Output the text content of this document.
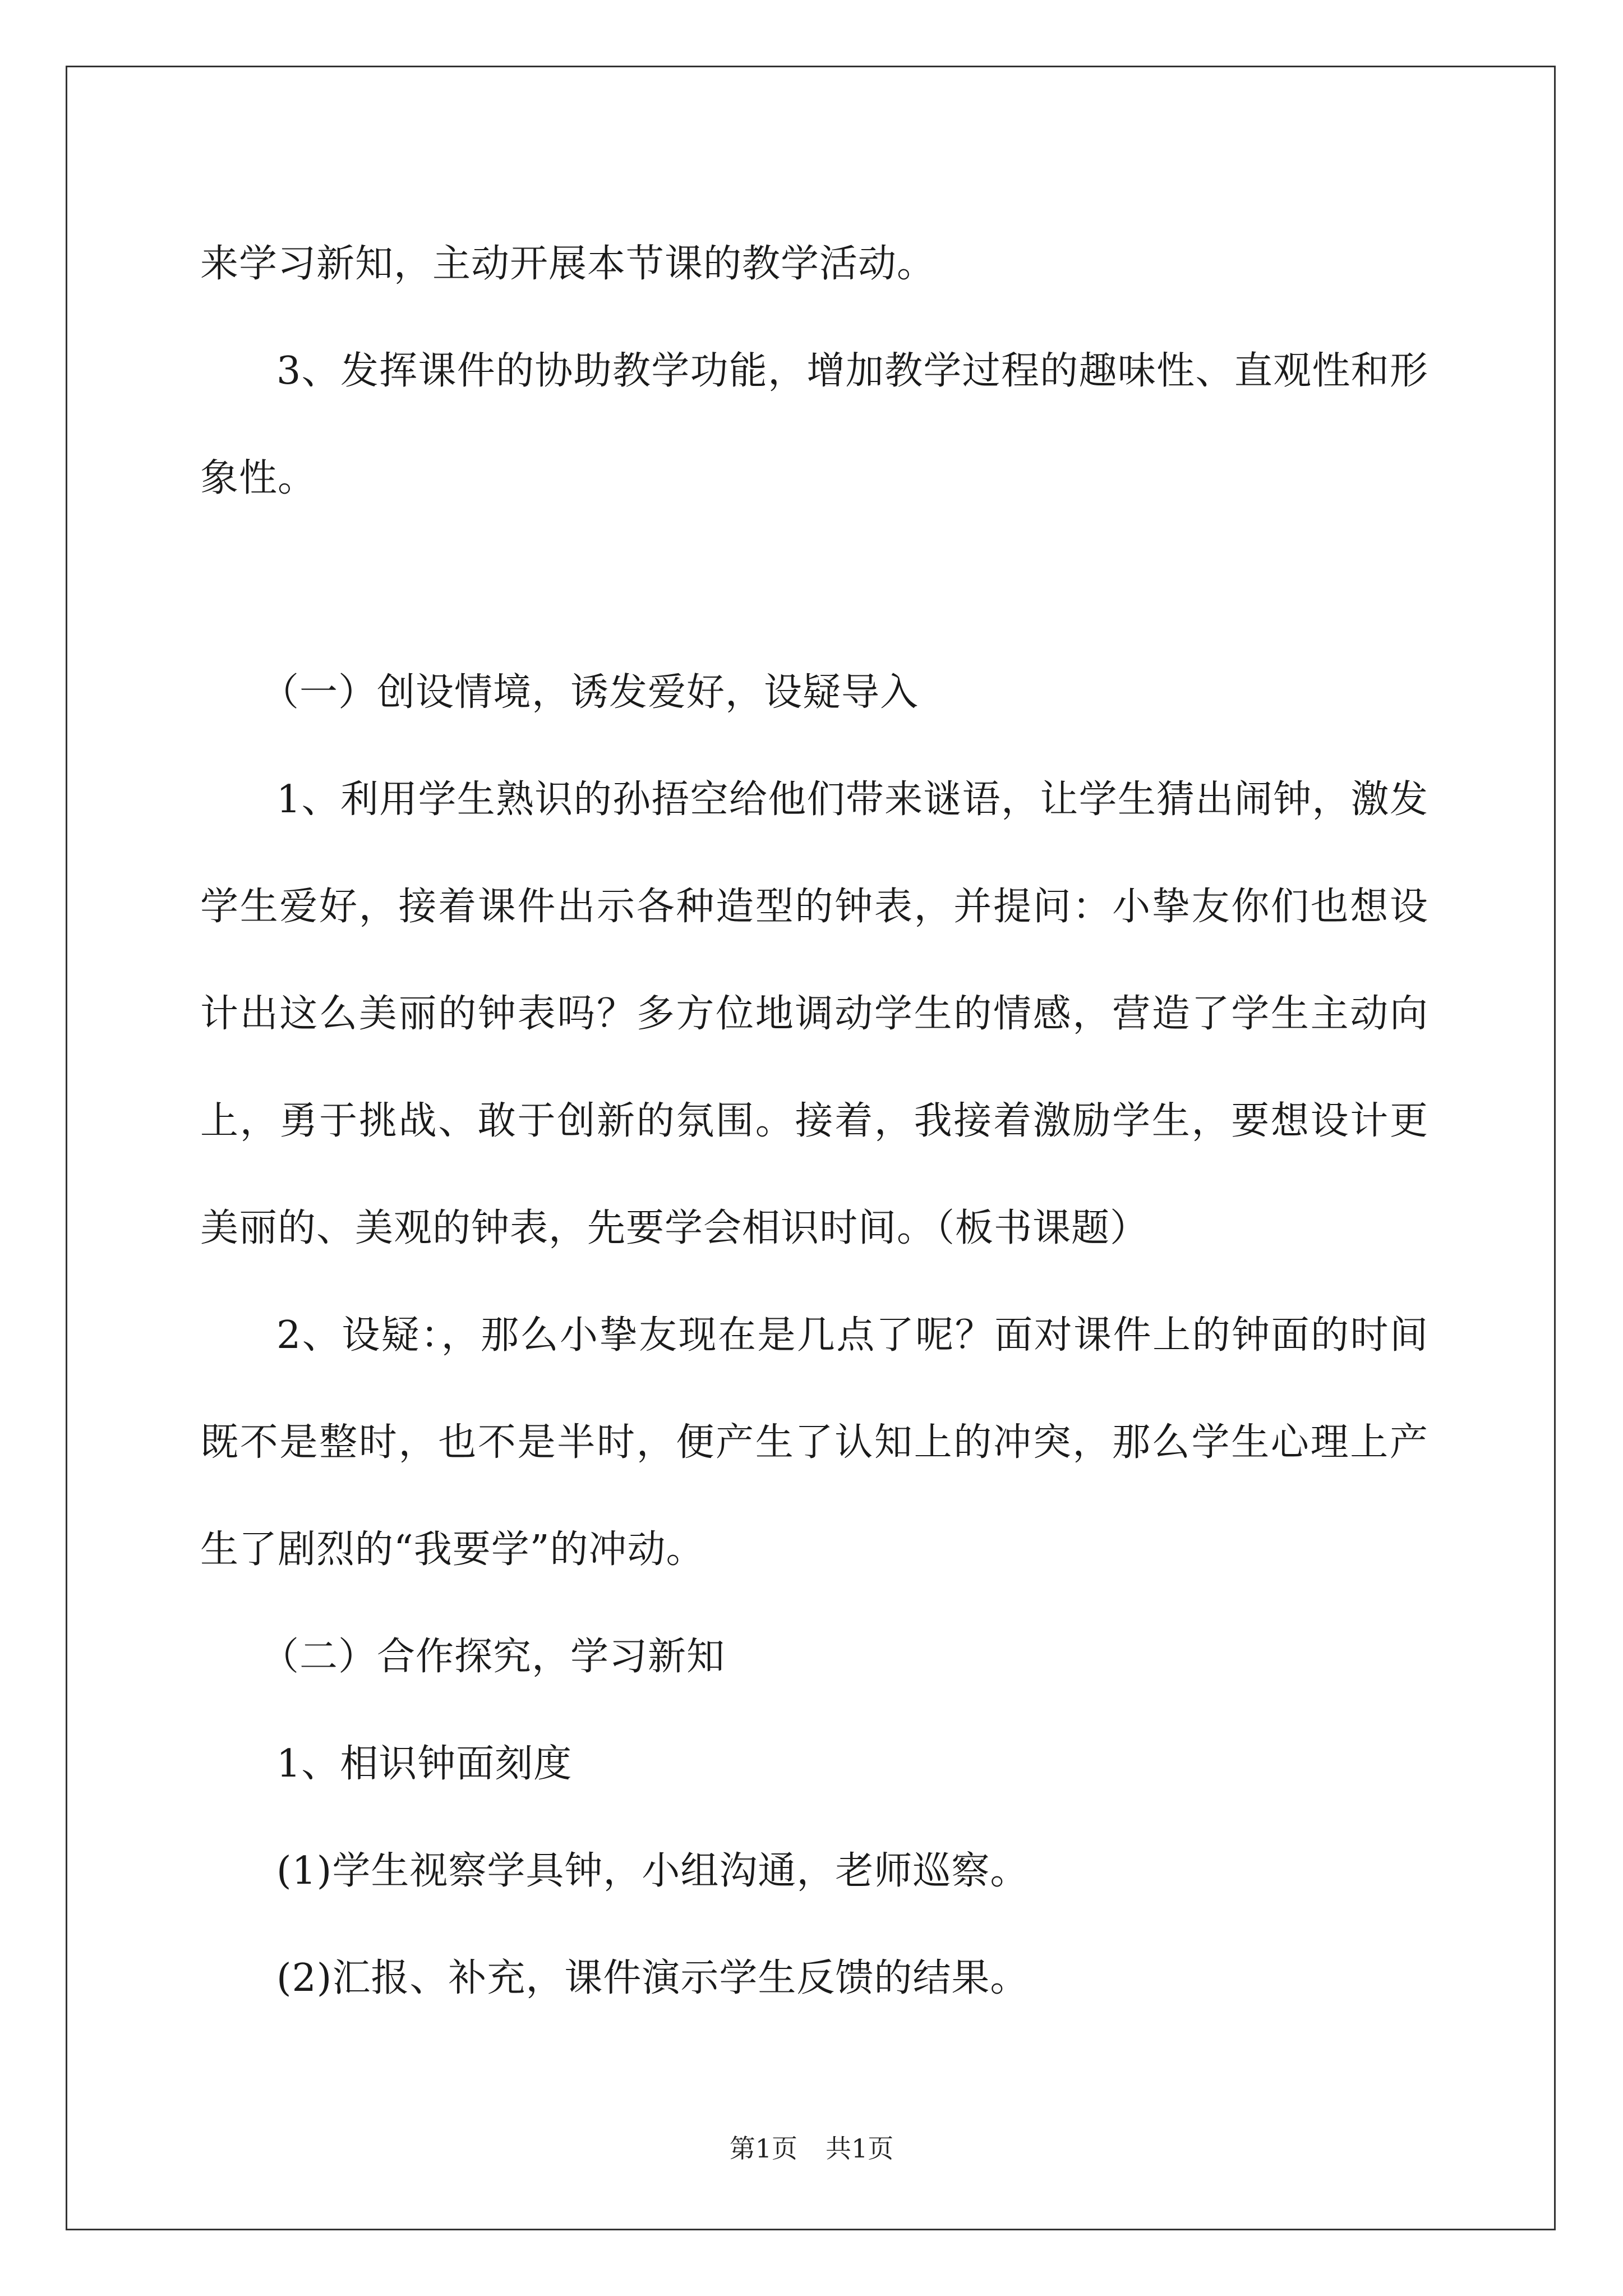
来学习新知，主动开展本节课的教学活动。

3、发挥课件的协助教学功能，增加教学过程的趣味性、直观性和形象性。

（一）创设情境，诱发爱好，设疑导入

1、利用学生熟识的孙捂空给他们带来谜语，让学生猜出闹钟，激发学生爱好，接着课件出示各种造型的钟表，并提问：小挚友你们也想设计出这么美丽的钟表吗？多方位地调动学生的情感，营造了学生主动向上，勇于挑战、敢于创新的氛围。接着，我接着激励学生，要想设计更美丽的、美观的钟表，先要学会相识时间。（板书课题）

2、设疑：，那么小挚友现在是几点了呢？面对课件上的钟面的时间既不是整时，也不是半时，便产生了认知上的冲突，那么学生心理上产生了剧烈的“我要学”的冲动。

（二）合作探究，学习新知

1、相识钟面刻度

(1)学生视察学具钟，小组沟通，老师巡察。

(2)汇报、补充，课件演示学生反馈的结果。

第1页 共1页
